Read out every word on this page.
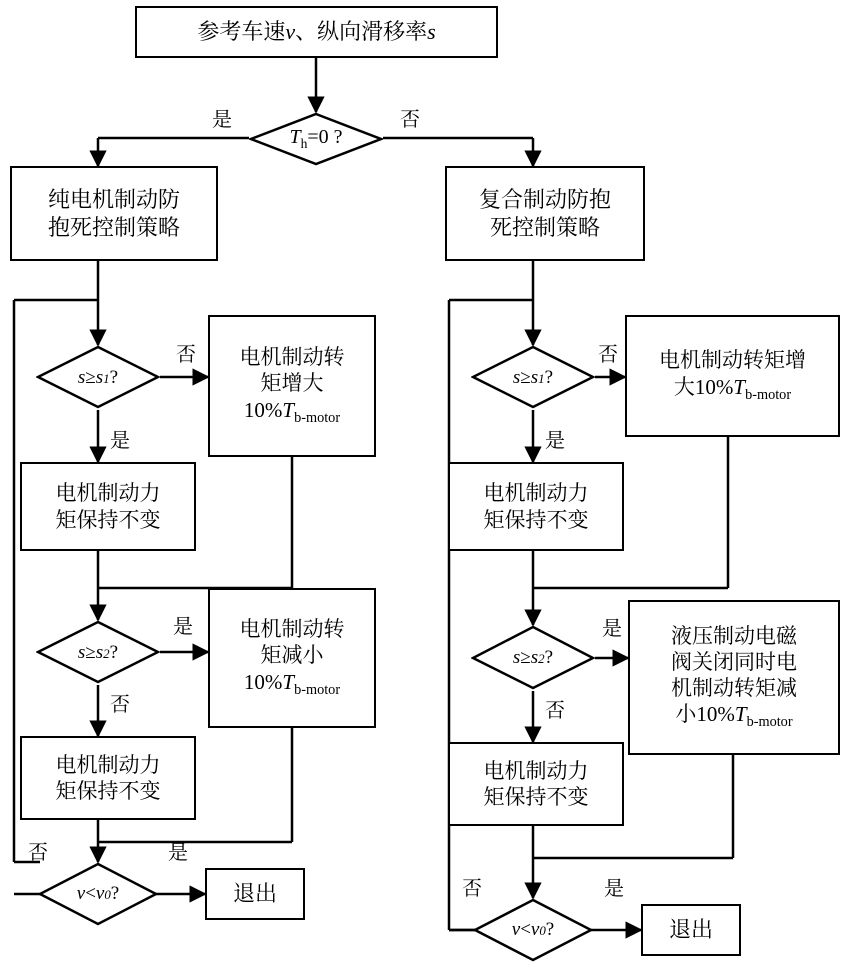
参考车速v、纵向滑移率s
$T_h=0$ ?
是	否
纯电机制动防
抱死控制策略
复合制动防抱
死控制策略
s≥s1?
否
是
电机制动转
矩增大
$10\%T_{b-motor}$
电机制动力
矩保持不变
s≥s2?
是
否
电机制动转
矩减小
$10\%T_{b-motor}$
电机制动力
矩保持不变
v<v0?
否	是
退出
s≥s1?
否
是
电机制动转矩增
大$10\%T_{b-motor}$
电机制动力
矩保持不变
s≥s2?
是
否
液压制动电磁
阀关闭同时电
机制动转矩减
小$10\%T_{b-motor}$
电机制动力
矩保持不变
v<v0?
否	是
退出
